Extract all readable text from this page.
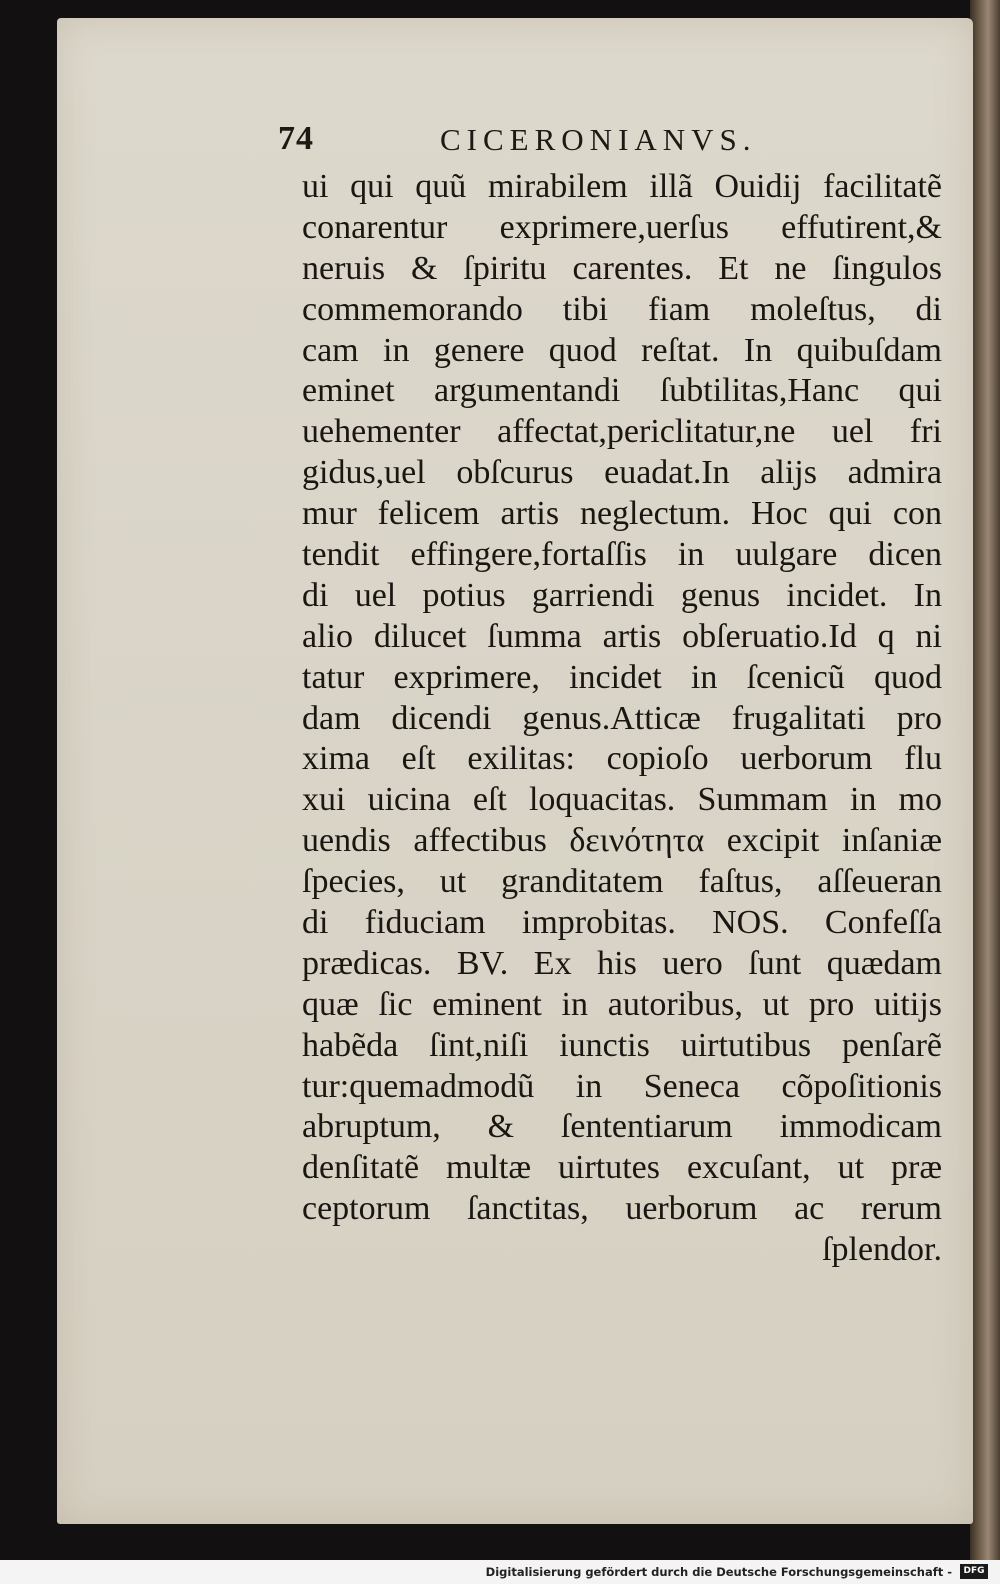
74	CICERONIANVS.
ui qui quũ mirabilem illã Ouidij facilitatẽ
conarentur exprimere,uerſus effutirent,&
neruis & ſpiritu carentes. Et ne ſingulos
commemorando tibi fiam moleſtus, di
cam in genere quod reſtat. In quibuſdam
eminet argumentandi ſubtilitas,Hanc qui
uehementer affectat,periclitatur,ne uel fri
gidus,uel obſcurus euadat.In alijs admira
mur felicem artis neglectum. Hoc qui con
tendit effingere,fortaſſis in uulgare dicen
di uel potius garriendi genus incidet. In
alio dilucet ſumma artis obſeruatio.Id q ni
tatur exprimere, incidet in ſcenicũ quod
dam dicendi genus.Atticæ frugalitati pro
xima eſt exilitas: copioſo uerborum flu
xui uicina eſt loquacitas. Summam in mo
uendis affectibus δεινότητα excipit inſaniæ
ſpecies, ut granditatem faſtus, aſſeueran
di fiduciam improbitas. NOS. Confeſſa
prædicas. BV. Ex his uero ſunt quædam
quæ ſic eminent in autoribus, ut pro uitijs
habẽda ſint,niſi iunctis uirtutibus penſarẽ
tur:quemadmodũ in Seneca cõpoſitionis
abruptum, & ſententiarum immodicam
denſitatẽ multæ uirtutes excuſant, ut præ
ceptorum ſanctitas, uerborum ac rerum
ſplendor.
Digitalisierung gefördert durch die Deutsche Forschungsgemeinschaft -	DFG
